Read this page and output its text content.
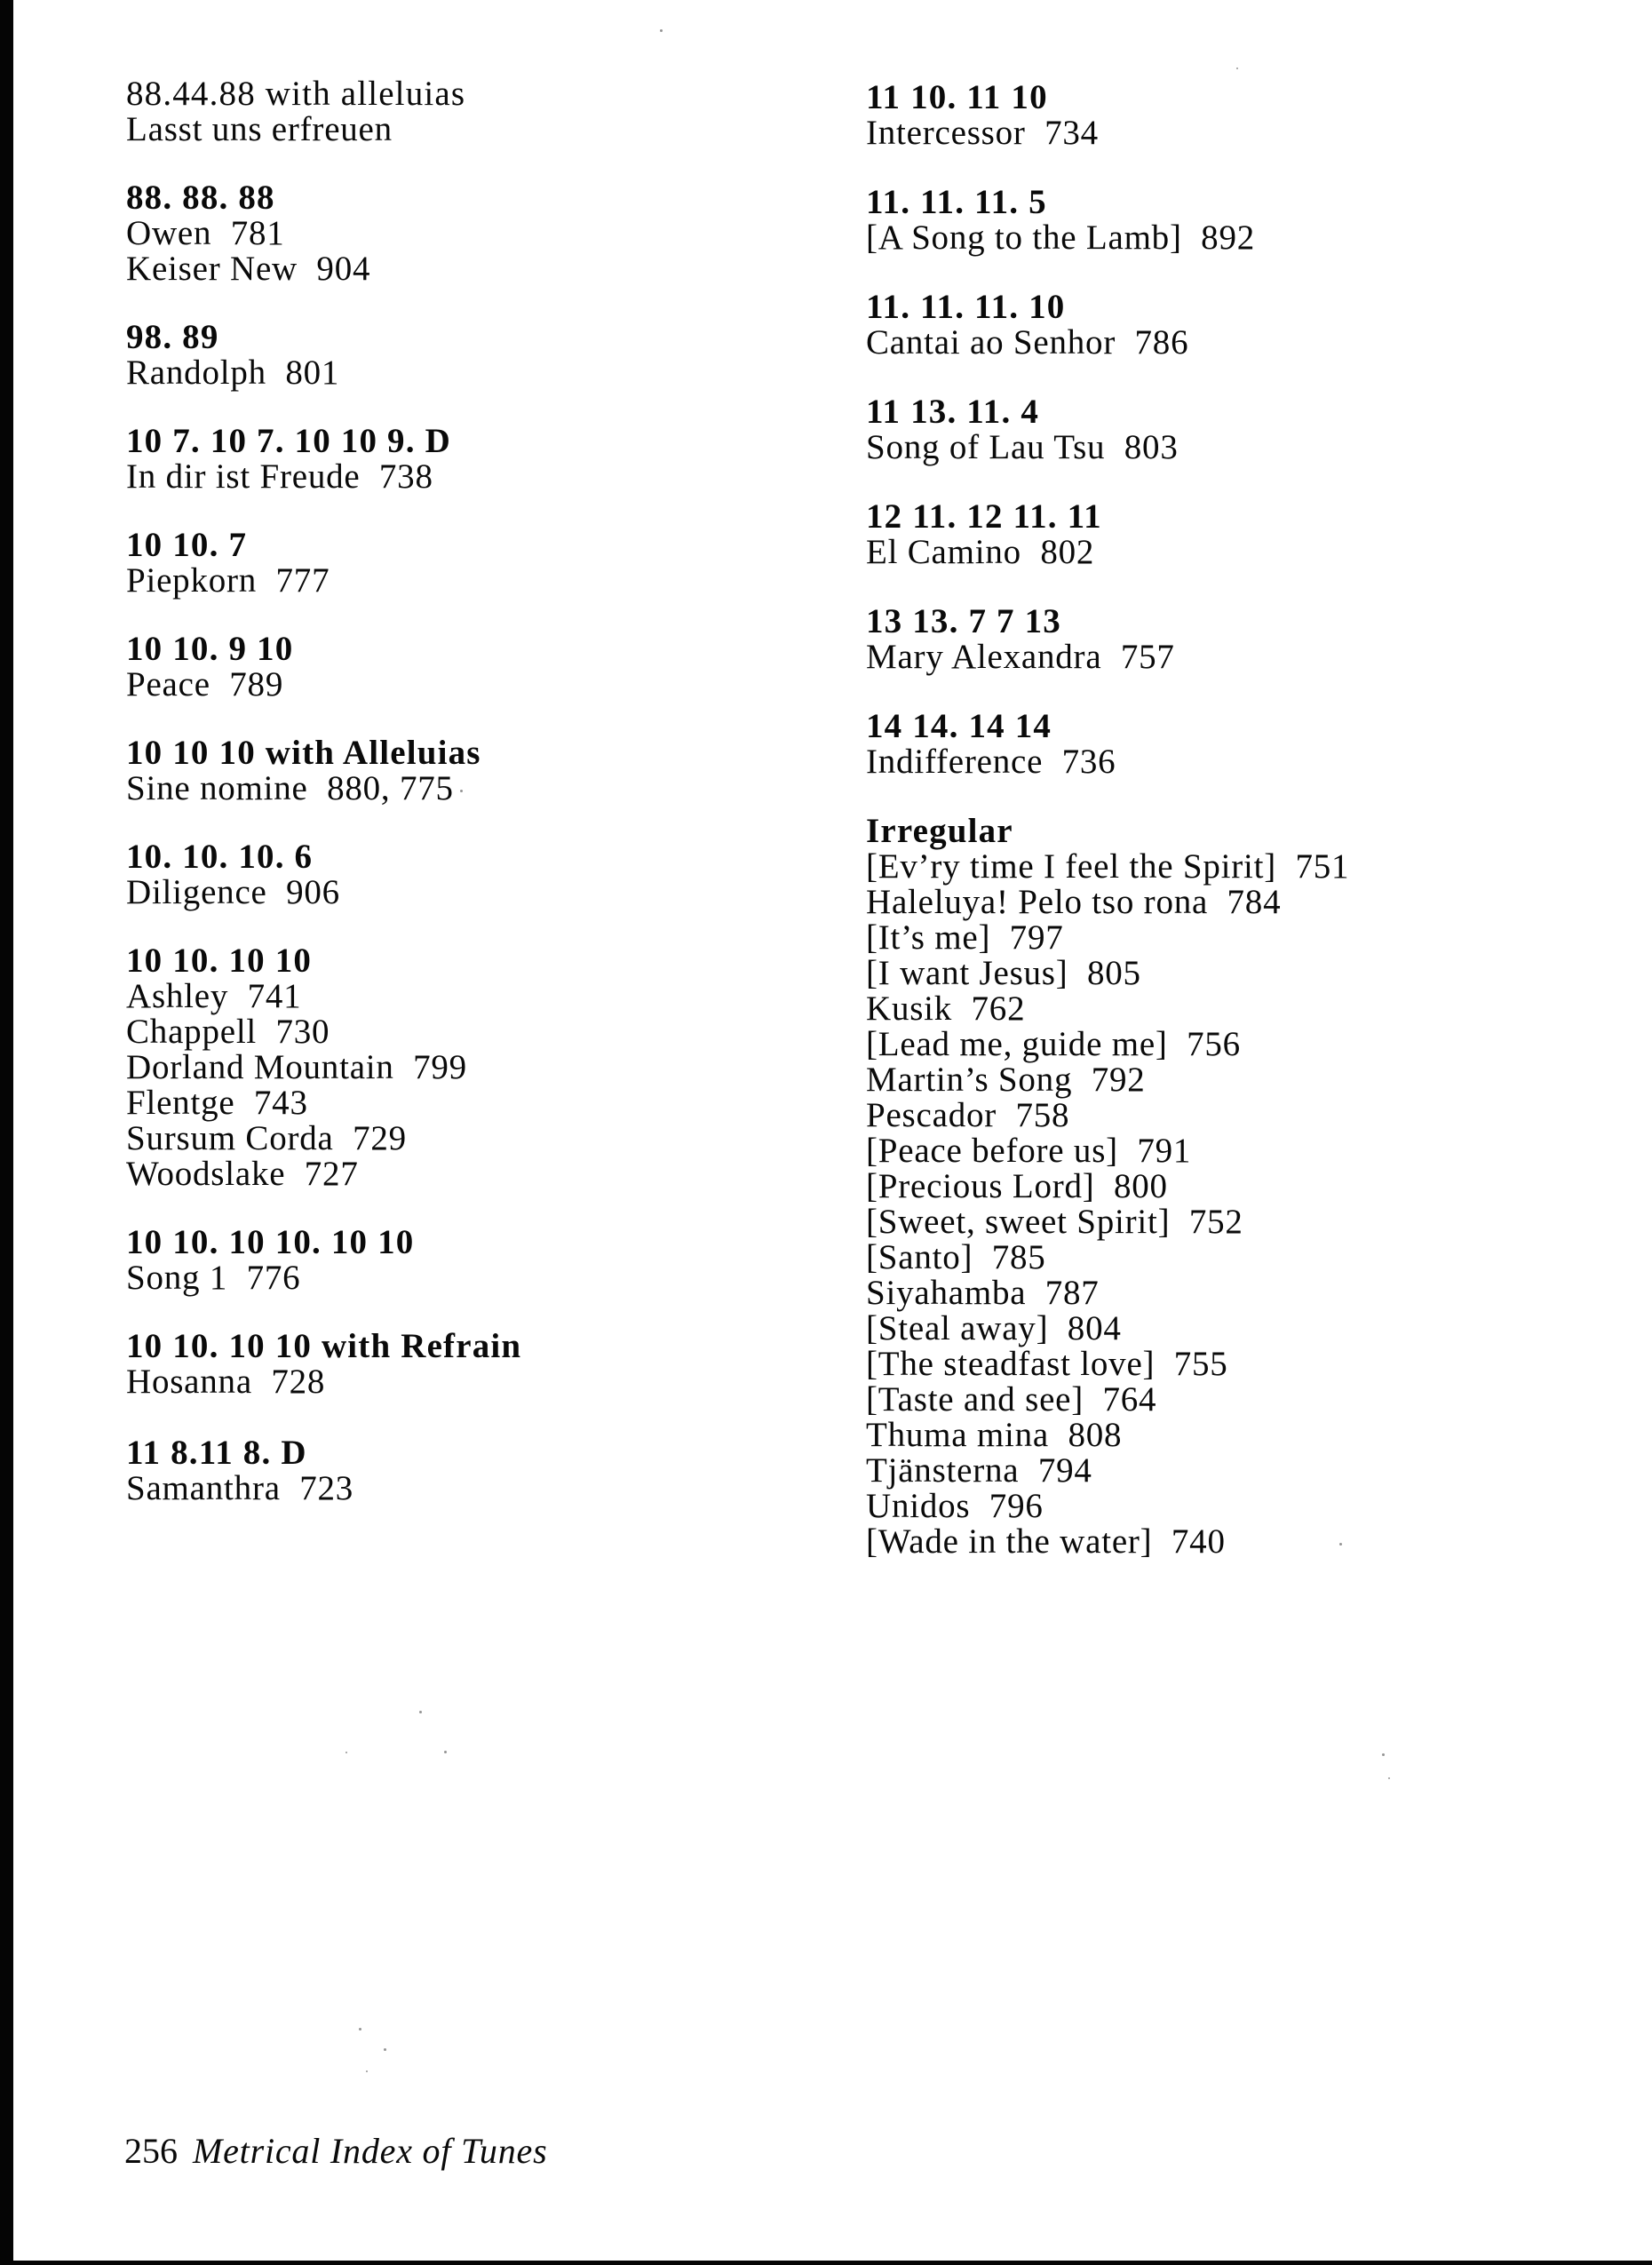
88.44.88 with alleluias
Lasst uns erfreuen
88. 88. 88
Owen 781
Keiser New 904
98. 89
Randolph 801
10 7. 10 7. 10 10 9. D
In dir ist Freude 738
10 10. 7
Piepkorn 777
10 10. 9 10
Peace 789
10 10 10 with Alleluias
Sine nomine 880, 775
10. 10. 10. 6
Diligence 906
10 10. 10 10
Ashley 741
Chappell 730
Dorland Mountain 799
Flentge 743
Sursum Corda 729
Woodslake 727
10 10. 10 10. 10 10
Song 1 776
10 10. 10 10 with Refrain
Hosanna 728
11 8.11 8. D
Samanthra 723
11 10. 11 10
Intercessor 734
11. 11. 11. 5
[A Song to the Lamb] 892
11. 11. 11. 10
Cantai ao Senhor 786
11 13. 11. 4
Song of Lau Tsu 803
12 11. 12 11. 11
El Camino 802
13 13. 7 7 13
Mary Alexandra 757
14 14. 14 14
Indifference 736
Irregular
[Ev’ry time I feel the Spirit] 751
Haleluya! Pelo tso rona 784
[It’s me] 797
[I want Jesus] 805
Kusik 762
[Lead me, guide me] 756
Martin’s Song 792
Pescador 758
[Peace before us] 791
[Precious Lord] 800
[Sweet, sweet Spirit] 752
[Santo] 785
Siyahamba 787
[Steal away] 804
[The steadfast love] 755
[Taste and see] 764
Thuma mina 808
Tjänsterna 794
Unidos 796
[Wade in the water] 740
256 Metrical Index of Tunes
